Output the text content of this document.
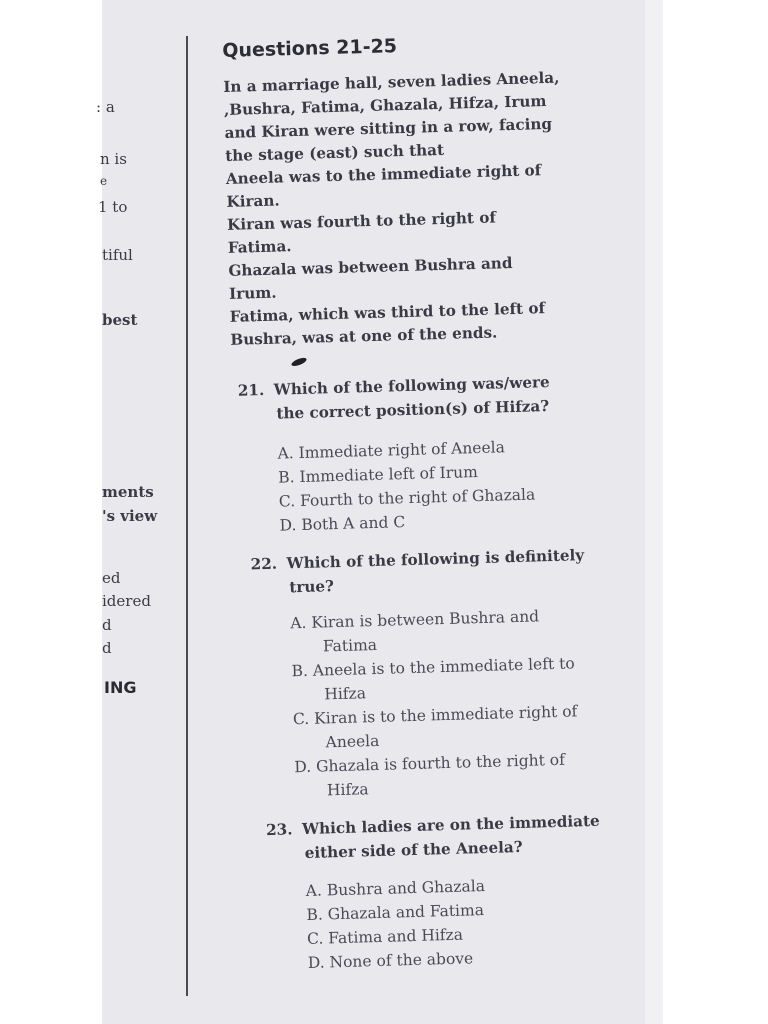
: a
n is
e
1 to
tiful
best
ments
's view
ed
idered
d
d
ING
Questions 21-25

In a marriage hall, seven ladies Aneela,

,Bushra, Fatima, Ghazala, Hifza, Irum

and Kiran were sitting in a row, facing

the stage (east) such that

Aneela was to the immediate right of

Kiran.

Kiran was fourth to the right of

Fatima.

Ghazala was between Bushra and

Irum.

Fatima, which was third to the left of

Bushra, was at one of the ends.

21. Which of the following was/were

the correct position(s) of Hifza?

A. Immediate right of Aneela
B. Immediate left of Irum
C. Fourth to the right of Ghazala
D. Both A and C

22. Which of the following is definitely

true?

A. Kiran is between Bushra and
Fatima
B. Aneela is to the immediate left to
Hifza
C. Kiran is to the immediate right of
Aneela
D. Ghazala is fourth to the right of
Hifza

23. Which ladies are on the immediate

either side of the Aneela?

A. Bushra and Ghazala
B. Ghazala and Fatima
C. Fatima and Hifza
D. None of the above
